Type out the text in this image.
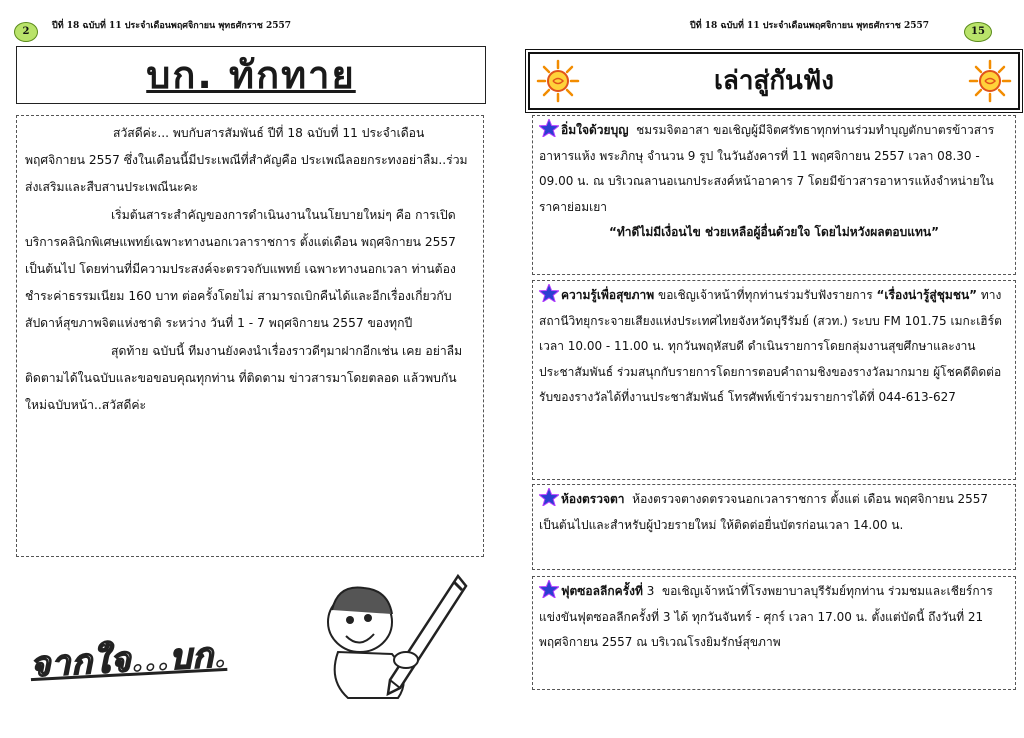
2	ปีที่ 18 ฉบับที่ 11 ประจำเดือนพฤศจิกายน พุทธศักราช 2557	ปีที่ 18 ฉบับที่ 11 ประจำเดือนพฤศจิกายน พุทธศักราช 2557	15
บก. ทักทาย

สวัสดีค่ะ... พบกับสารสัมพันธ์ ปีที่ 18 ฉบับที่ 11 ประจำเดือน พฤศจิกายน 2557 ซึ่งในเดือนนี้มีประเพณีที่สำคัญคือ ประเพณีลอยกระทงอย่าลืม..ร่วมส่งเสริมและสืบสานประเพณีนะคะ

เริ่มต้นสาระสำคัญของการดำเนินงานในนโยบายใหม่ๆ คือ การเปิดบริการคลินิกพิเศษแพทย์เฉพาะทางนอกเวลาราชการ ตั้งแต่เดือน พฤศจิกายน 2557 เป็นต้นไป โดยท่านที่มีความประสงค์จะตรวจกับแพทย์ เฉพาะทางนอกเวลา ท่านต้องชำระค่าธรรมเนียม 160 บาท ต่อครั้งโดยไม่ สามารถเบิกคืนได้และอีกเรื่องเกี่ยวกับสัปดาห์สุขภาพจิตแห่งชาติ ระหว่าง วันที่ 1 - 7 พฤศจิกายน 2557 ของทุกปี

สุดท้าย ฉบับนี้ ทีมงานยังคงนำเรื่องราวดีๆมาฝากอีกเช่น เคย อย่าลืม ติดตามได้ในฉบับและขอขอบคุณทุกท่าน ที่ติดตาม ข่าวสารมาโดยตลอด แล้วพบกันใหม่ฉบับหน้า..สวัสดีค่ะ

จากใจ...บก.
เล่าสู่กันฟัง

อิ่มใจด้วยบุญ ชมรมจิตอาสา ขอเชิญผู้มีจิตศรัทธาทุกท่านร่วมทำบุญตักบาตรข้าวสารอาหารแห้ง พระภิกษุ จำนวน 9 รูป ในวันอังคารที่ 11 พฤศจิกายน 2557 เวลา 08.30 - 09.00 น. ณ บริเวณลานอเนกประสงค์หน้าอาคาร 7 โดยมีข้าวสารอาหารแห้งจำหน่ายในราคาย่อมเยา

“ทำดีไม่มีเงื่อนไข ช่วยเหลือผู้อื่นด้วยใจ โดยไม่หวังผลตอบแทน”

ความรู้เพื่อสุขภาพ ขอเชิญเจ้าหน้าที่ทุกท่านร่วมรับฟังรายการ “เรื่องน่ารู้สู่ชุมชน” ทางสถานีวิทยุกระจายเสียงแห่งประเทศไทยจังหวัดบุรีรัมย์ (สวท.) ระบบ FM 101.75 เมกะเฮิร์ต เวลา 10.00 - 11.00 น. ทุกวันพฤหัสบดี ดำเนินรายการโดยกลุ่มงานสุขศึกษาและงานประชาสัมพันธ์ ร่วมสนุกกับรายการโดยการตอบคำถามชิงของรางวัลมากมาย ผู้โชคดีติดต่อรับของรางวัลได้ที่งานประชาสัมพันธ์ โทรศัพท์เข้าร่วมรายการได้ที่ 044-613-627

ห้องตรวจตา ห้องตรวจตางดตรวจนอกเวลาราชการ ตั้งแต่ เดือน พฤศจิกายน 2557 เป็นต้นไปและสำหรับผู้ป่วยรายใหม่ ให้ติดต่อยื่นบัตรก่อนเวลา 14.00 น.

ฟุตซอลลีกครั้งที่ 3 ขอเชิญเจ้าหน้าที่โรงพยาบาลบุรีรัมย์ทุกท่าน ร่วมชมและเชียร์การแข่งขันฟุตซอลลีกครั้งที่ 3 ได้ ทุกวันจันทร์ - ศุกร์ เวลา 17.00 น. ตั้งแต่บัดนี้ ถึงวันที่ 21 พฤศจิกายน 2557 ณ บริเวณโรงยิมรักษ์สุขภาพ
